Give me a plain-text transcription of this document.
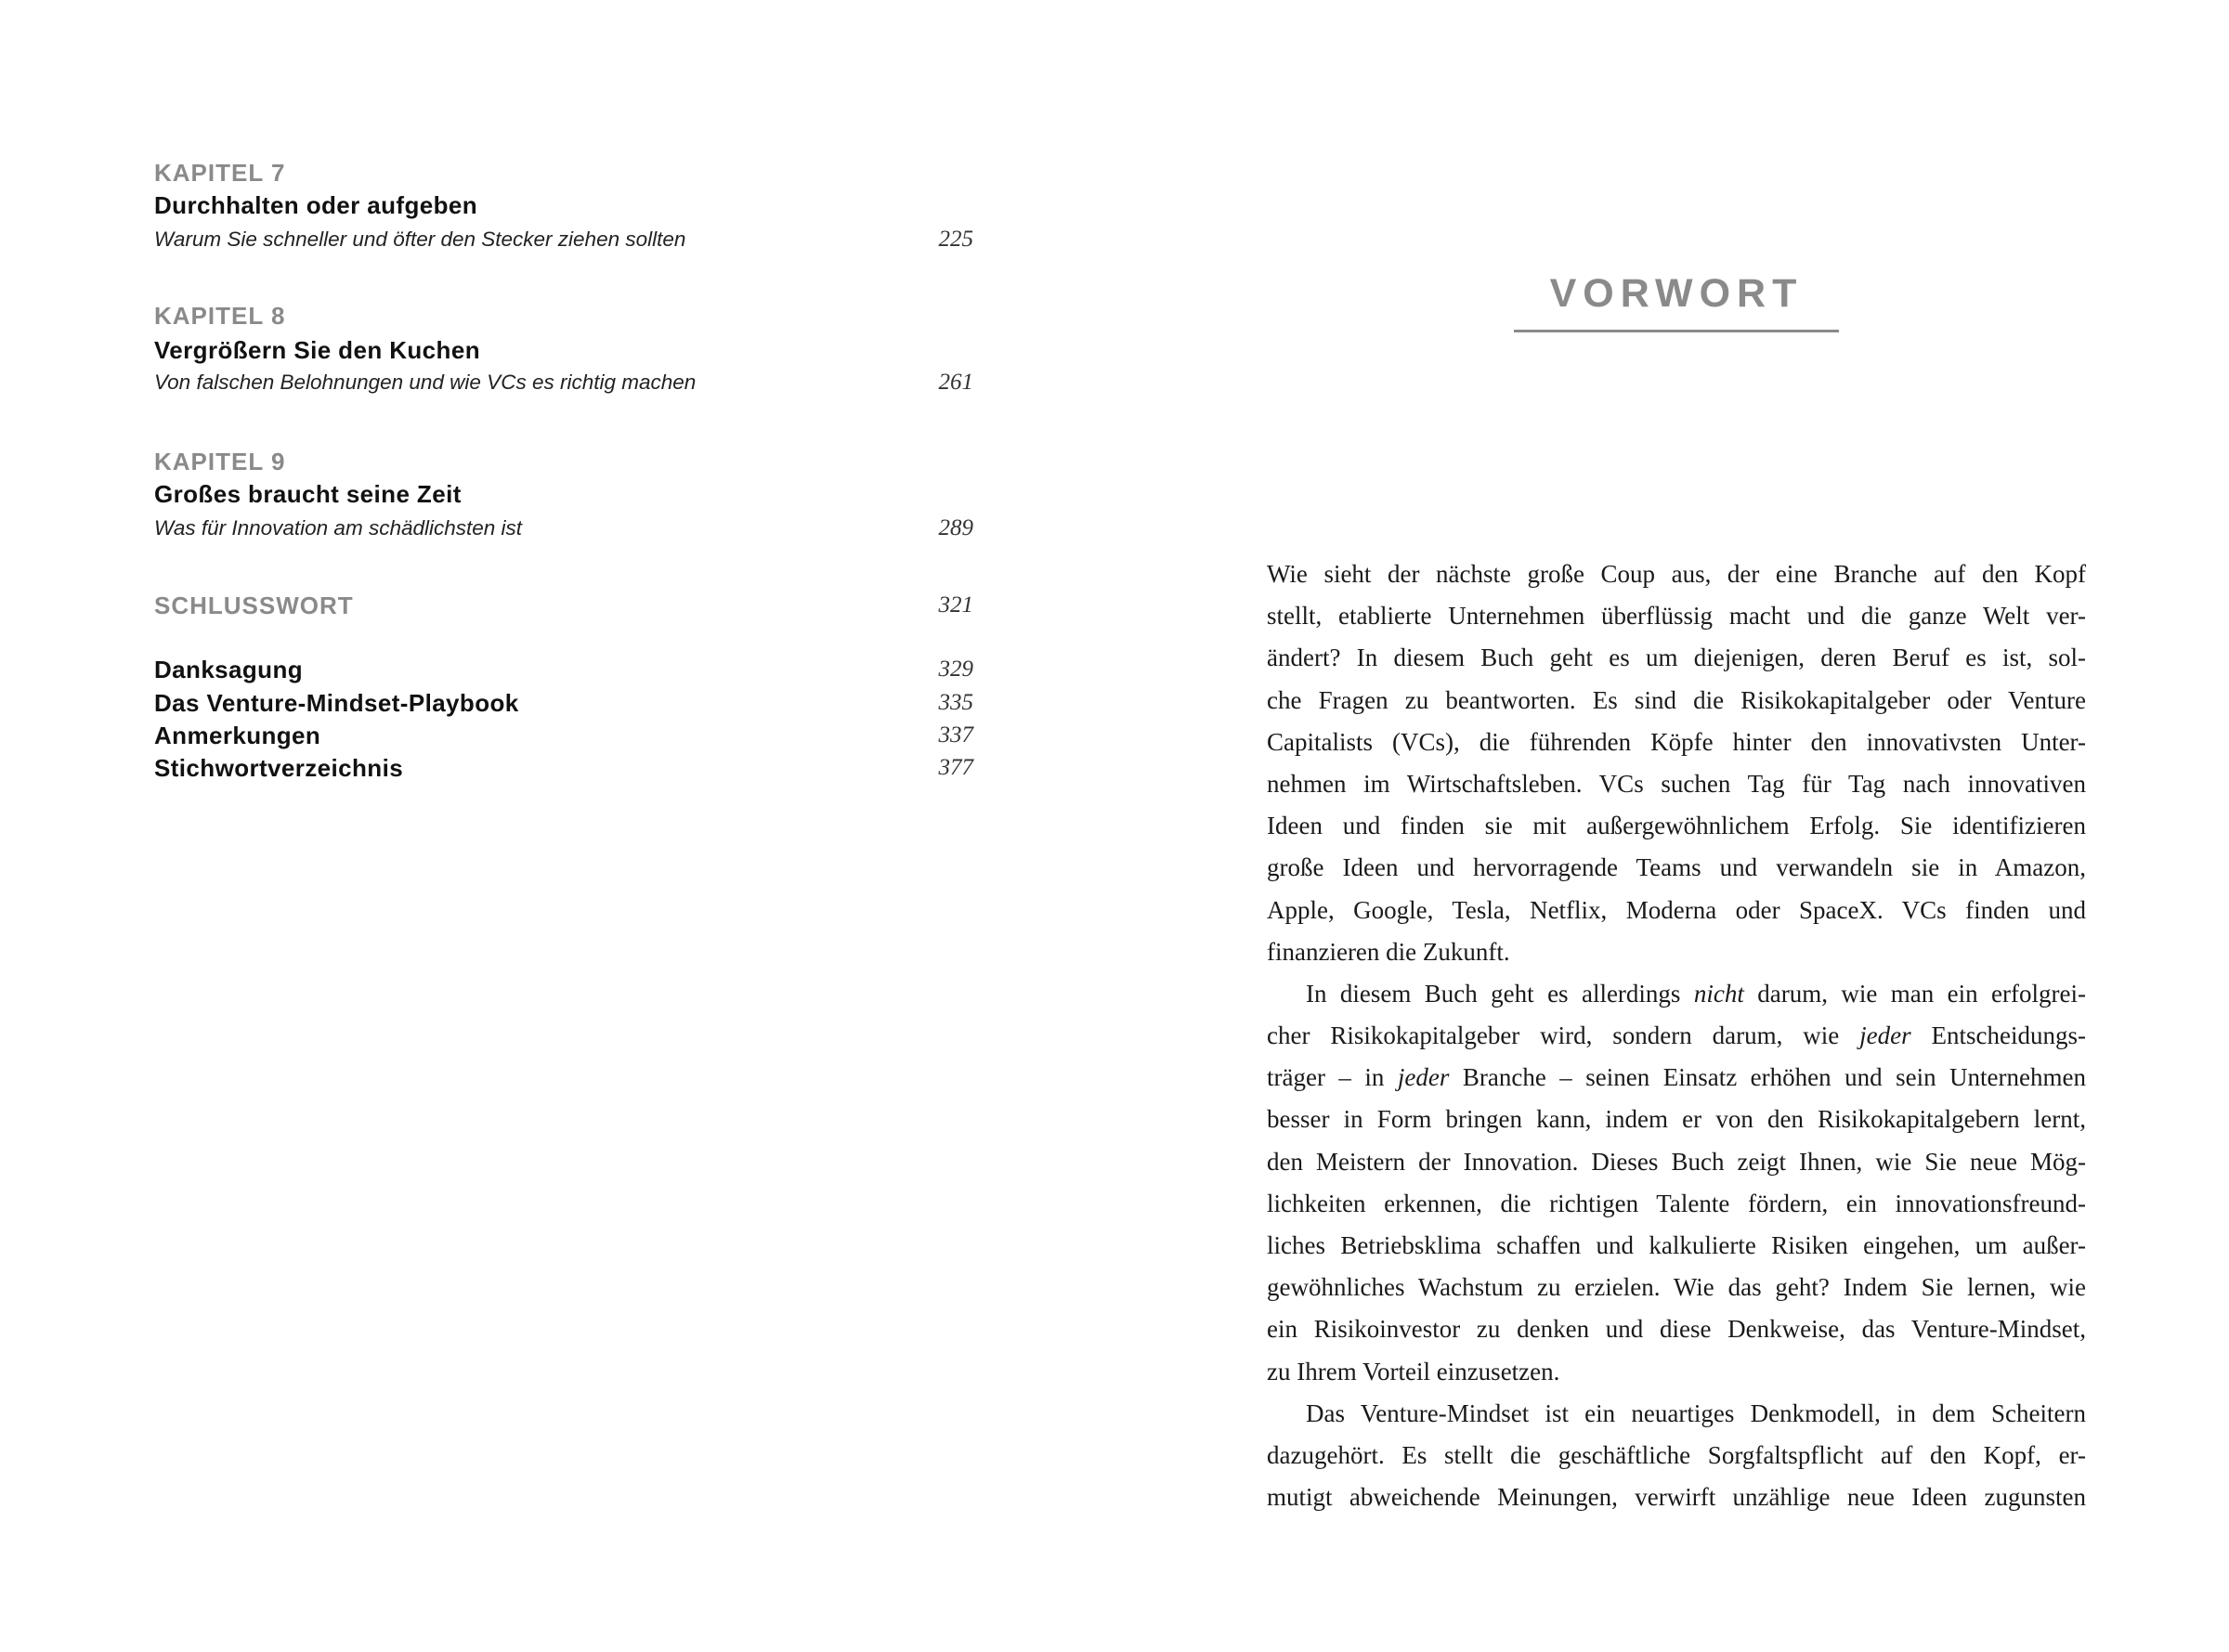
KAPITEL 7
Durchhalten oder aufgeben
Warum Sie schneller und öfter den Stecker ziehen sollten	225
KAPITEL 8
Vergrößern Sie den Kuchen
Von falschen Belohnungen und wie VCs es richtig machen	261
KAPITEL 9
Großes braucht seine Zeit
Was für Innovation am schädlichsten ist	289
SCHLUSSWORT	321
Danksagung	329
Das Venture-Mindset-Playbook	335
Anmerkungen	337
Stichwortverzeichnis	377
VORWORT
Wie sieht der nächste große Coup aus, der eine Branche auf den Kopf
stellt, etablierte Unternehmen überflüssig macht und die ganze Welt ver-
ändert? In diesem Buch geht es um diejenigen, deren Beruf es ist, sol-
che Fragen zu beantworten. Es sind die Risikokapitalgeber oder Venture
Capitalists (VCs), die führenden Köpfe hinter den innovativsten Unter-
nehmen im Wirtschaftsleben. VCs suchen Tag für Tag nach innovativen
Ideen und finden sie mit außergewöhnlichem Erfolg. Sie identifizieren
große Ideen und hervorragende Teams und verwandeln sie in Amazon,
Apple, Google, Tesla, Netflix, Moderna oder SpaceX. VCs finden und
finanzieren die Zukunft.
In diesem Buch geht es allerdings nicht darum, wie man ein erfolgrei-
cher Risikokapitalgeber wird, sondern darum, wie jeder Entscheidungs-
träger – in jeder Branche – seinen Einsatz erhöhen und sein Unternehmen
besser in Form bringen kann, indem er von den Risikokapitalgebern lernt,
den Meistern der Innovation. Dieses Buch zeigt Ihnen, wie Sie neue Mög-
lichkeiten erkennen, die richtigen Talente fördern, ein innovationsfreund-
liches Betriebsklima schaffen und kalkulierte Risiken eingehen, um außer-
gewöhnliches Wachstum zu erzielen. Wie das geht? Indem Sie lernen, wie
ein Risikoinvestor zu denken und diese Denkweise, das Venture-Mindset,
zu Ihrem Vorteil einzusetzen.
Das Venture-Mindset ist ein neuartiges Denkmodell, in dem Scheitern
dazugehört. Es stellt die geschäftliche Sorgfaltspflicht auf den Kopf, er-
mutigt abweichende Meinungen, verwirft unzählige neue Ideen zugunsten
